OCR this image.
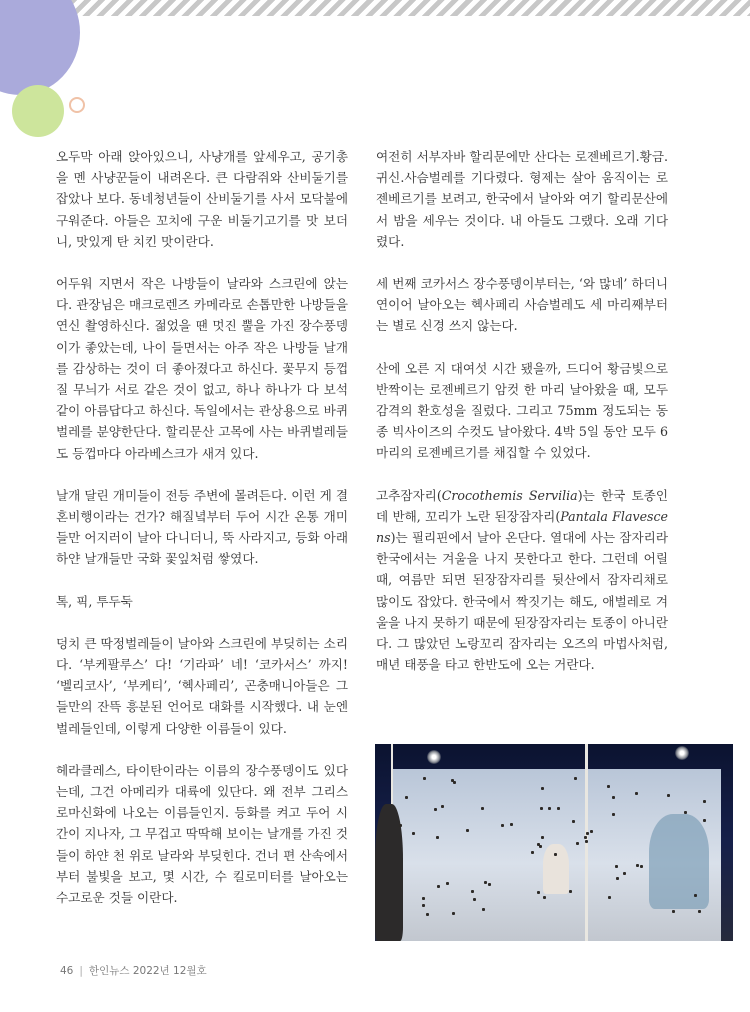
오두막 아래 앉아있으니, 사냥개를 앞세우고, 공기총을 멘 사냥꾼들이 내려온다. 큰 다람쥐와 산비둘기를 잡았나 보다. 동네청년들이 산비둘기를 사서 모닥불에 구워준다. 아들은 꼬치에 구운 비둘기고기를 맛 보더니, 맛있게 탄 치킨 맛이란다.

어두워 지면서 작은 나방들이 날라와 스크린에 앉는다. 관장님은 매크로렌즈 카메라로 손톱만한 나방들을 연신 촬영하신다. 젊었을 땐 멋진 뿔을 가진 장수풍뎅이가 좋았는데, 나이 들면서는 아주 작은 나방들 날개를 감상하는 것이 더 좋아졌다고 하신다. 꽃무지 등껍질 무늬가 서로 같은 것이 없고, 하나 하나가 다 보석같이 아름답다고 하신다. 독일에서는 관상용으로 바퀴벌레를 분양한단다. 할리문산 고목에 사는 바퀴벌레들도 등껍마다 아라베스크가 새겨 있다.

날개 달린 개미들이 전등 주변에 몰려든다. 이런 게 결혼비행이라는 건가? 해질녘부터 두어 시간 온통 개미들만 어지러이 날아 다니더니, 뚝 사라지고, 등화 아래 하얀 날개들만 국화 꽃잎처럼 쌓였다.

톡, 픽, 투두둑

덩치 큰 딱정벌레들이 날아와 스크린에 부딪히는 소리다. ‘부케팔루스’ 다! ‘기라파’ 네! ‘코카서스’ 까지! ‘벨리코사’, ‘부케티’, ‘헥사페리’, 곤충매니아들은 그들만의 잔뜩 흥분된 언어로 대화를 시작했다. 내 눈엔 벌레들인데, 이렇게 다양한 이름들이 있다.

헤라클레스, 타이탄이라는 이름의 장수풍뎅이도 있다는데, 그건 아메리카 대륙에 있단다. 왜 전부 그리스 로마신화에 나오는 이름들인지. 등화를 켜고 두어 시간이 지나자, 그 무겁고 딱딱해 보이는 날개를 가진 것들이 하얀 천 위로 날라와 부딪힌다. 건너 편 산속에서부터 불빛을 보고, 몇 시간, 수 킬로미터를 날아오는 수고로운 것들 이란다.

여전히 서부자바 할리문에만 산다는 로젠베르기.황금.귀신.사슴벌레를 기다렸다. 형제는 살아 움직이는 로젠베르기를 보려고, 한국에서 날아와 여기 할리문산에서 밤을 세우는 것이다. 내 아들도 그랬다. 오래 기다렸다.

세 번째 코카서스 장수풍뎅이부터는, ‘와 많네’ 하더니 연이어 날아오는 헥사페리 사슴벌레도 세 마리째부터는 별로 신경 쓰지 않는다.

산에 오른 지 대여섯 시간 됐을까, 드디어 황금빛으로 반짝이는 로젠베르기 암컷 한 마리 날아왔을 때, 모두 감격의 환호성을 질렀다. 그리고 75mm 정도되는 동종 빅사이즈의 수컷도 날아왔다. 4박 5일 동안 모두 6마리의 로젠베르기를 채집할 수 있었다.

고추잠자리(Crocothemis Servilia)는 한국 토종인데 반해, 꼬리가 노란 된장잠자리(Pantala Flavescens)는 필리핀에서 날아 온단다. 열대에 사는 잠자리라 한국에서는 겨울을 나지 못한다고 한다. 그런데 어릴 때, 여름만 되면 된장잠자리를 뒷산에서 잠자리채로 많이도 잡았다. 한국에서 짝짓기는 해도, 애벌레로 겨울을 나지 못하기 때문에 된장잠자리는 토종이 아니란다. 그 많았던 노랑꼬리 잠자리는 오즈의 마법사처럼, 매년 태풍을 타고 한반도에 오는 거란다.

46 | 한인뉴스 2022년 12월호
